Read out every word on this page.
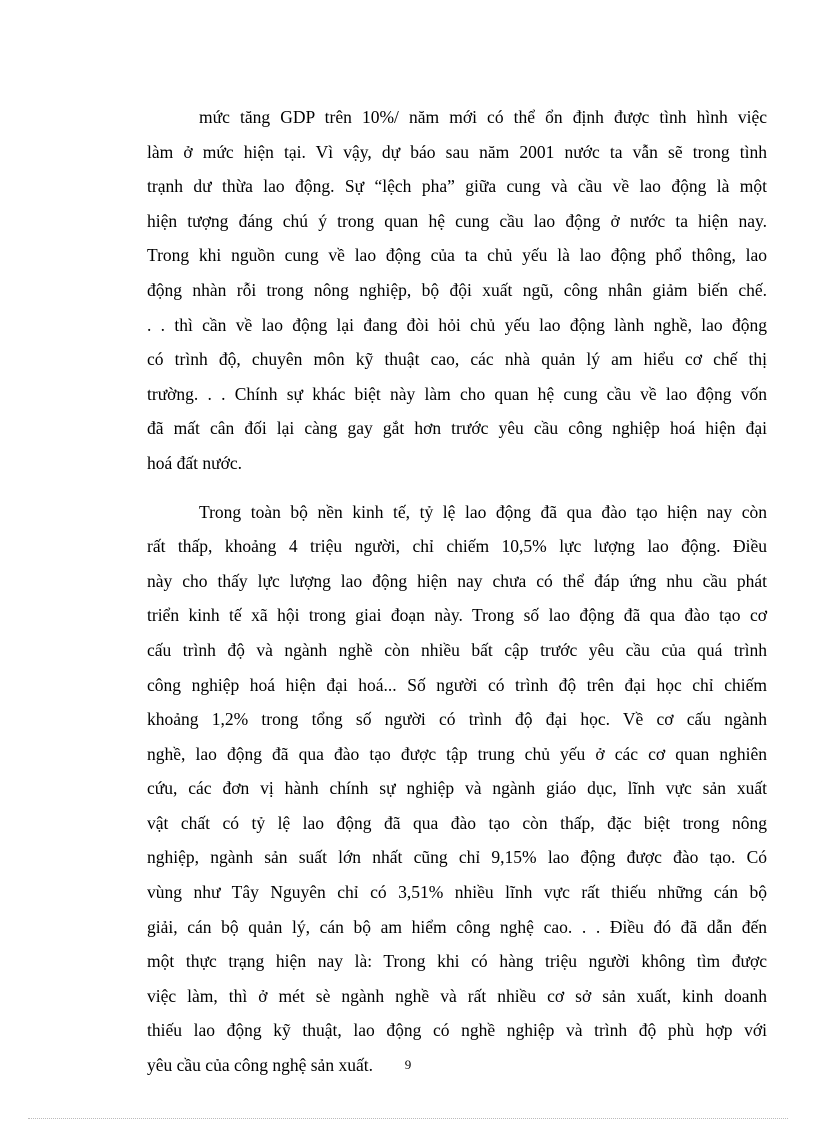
mức tăng GDP trên 10%/ năm mới có thể ổn định được tình hình việc
làm ở mức hiện tại. Vì vậy, dự báo sau năm 2001 nước ta vẫn sẽ trong tình
trạnh dư thừa lao động. Sự “lệch pha” giữa cung và cầu về lao động là một
hiện tượng đáng chú ý trong quan hệ cung cầu lao động ở nước ta hiện nay.
Trong khi nguồn cung về lao động của ta chủ yếu là lao động phổ thông, lao
động nhàn rỗi trong nông nghiệp, bộ đội xuất ngũ, công nhân giảm biến chế.
. . thì cần về lao động lại đang đòi hỏi chủ yếu lao động lành nghề, lao động
có trình độ, chuyên môn kỹ thuật cao, các nhà quản lý am hiểu cơ chế thị
trường. . . Chính sự khác biệt này làm cho quan hệ cung cầu về lao động vốn
đã mất cân đối lại càng gay gắt hơn trước yêu cầu công nghiệp hoá hiện đại
hoá đất nước.
Trong toàn bộ nền kinh tế, tỷ lệ lao động đã qua đào tạo hiện nay còn
rất thấp, khoảng 4 triệu người, chỉ chiếm 10,5% lực lượng lao động. Điều
này cho thấy lực lượng lao động hiện nay chưa có thể đáp ứng nhu cầu phát
triển kinh tế xã hội trong giai đoạn này. Trong số lao động đã qua đào tạo cơ
cấu trình độ và ngành nghề còn nhiều bất cập trước yêu cầu của quá trình
công nghiệp hoá hiện đại hoá... Số người có trình độ trên đại học chỉ chiếm
khoảng 1,2% trong tổng số người có trình độ đại học. Về cơ cấu ngành
nghề, lao động đã qua đào tạo được tập trung chủ yếu ở các cơ quan nghiên
cứu, các đơn vị hành chính sự nghiệp và ngành giáo dục, lĩnh vực sản xuất
vật chất có tỷ lệ lao động đã qua đào tạo còn thấp, đặc biệt trong nông
nghiệp, ngành sản suất lớn nhất cũng chỉ 9,15% lao động được đào tạo. Có
vùng như Tây Nguyên chỉ có 3,51% nhiều lĩnh vực rất thiếu những cán bộ
giải, cán bộ quản lý, cán bộ am hiểm công nghệ cao. . . Điều đó đã dẫn đến
một thực trạng hiện nay là: Trong khi có hàng triệu người không tìm được
việc làm, thì ở mét sè ngành nghề và rất nhiều cơ sở sản xuất, kinh doanh
thiếu lao động kỹ thuật, lao động có nghề nghiệp và trình độ phù hợp với
yêu cầu của công nghệ sản xuất.	9
